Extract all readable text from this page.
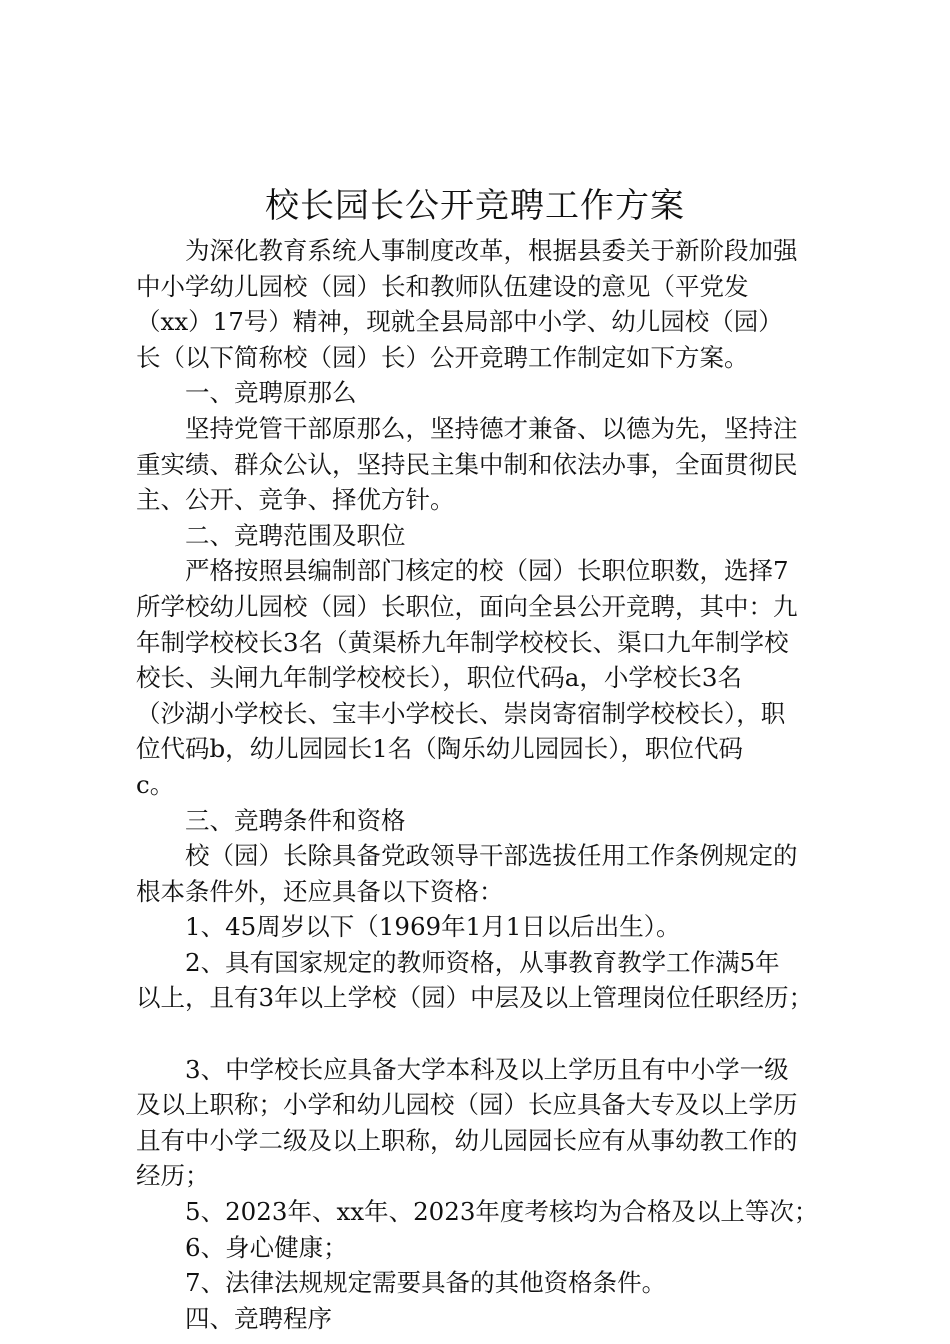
校长园长公开竞聘工作方案
为深化教育系统人事制度改革，根据县委关于新阶段加强
中小学幼儿园校（园）长和教师队伍建设的意见（平党发
（xx）17号）精神，现就全县局部中小学、幼儿园校（园）
长（以下简称校（园）长）公开竞聘工作制定如下方案。
一、竞聘原那么
坚持党管干部原那么，坚持德才兼备、以德为先，坚持注
重实绩、群众公认，坚持民主集中制和依法办事，全面贯彻民
主、公开、竞争、择优方针。
二、竞聘范围及职位
严格按照县编制部门核定的校（园）长职位职数，选择7
所学校幼儿园校（园）长职位，面向全县公开竞聘，其中：九
年制学校校长3名（黄渠桥九年制学校校长、渠口九年制学校
校长、头闸九年制学校校长），职位代码a，小学校长3名
（沙湖小学校长、宝丰小学校长、崇岗寄宿制学校校长），职
位代码b，幼儿园园长1名（陶乐幼儿园园长），职位代码
c。
三、竞聘条件和资格
校（园）长除具备党政领导干部选拔任用工作条例规定的
根本条件外，还应具备以下资格：
1、45周岁以下（1969年1月1日以后出生）。
2、具有国家规定的教师资格，从事教育教学工作满5年
以上，且有3年以上学校（园）中层及以上管理岗位任职经历；
3、中学校长应具备大学本科及以上学历且有中小学一级
及以上职称；小学和幼儿园校（园）长应具备大专及以上学历
且有中小学二级及以上职称，幼儿园园长应有从事幼教工作的
经历；
5、2023年、xx年、2023年度考核均为合格及以上等次；
6、身心健康；
7、法律法规规定需要具备的其他资格条件。
四、竞聘程序
